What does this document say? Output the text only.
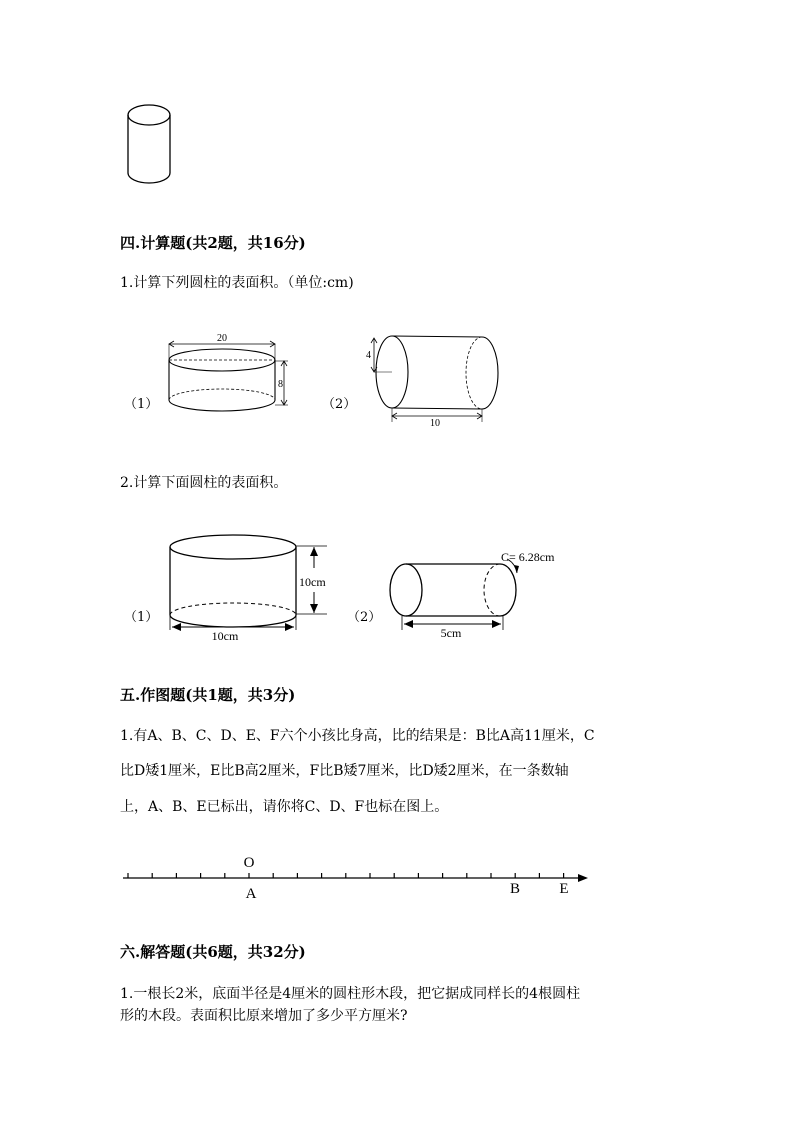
四.计算题(共2题，共16分)
1.计算下列圆柱的表面积。（单位:cm)
（1）
20
8
（2）
4
10
2.计算下面圆柱的表面积。
（1）
10cm
10cm
（2）
C= 6.28cm
5cm
五.作图题(共1题，共3分)
1.有A、B、C、D、E、F六个小孩比身高，比的结果是：B比A高11厘米，C
比D矮1厘米，E比B高2厘米，F比B矮7厘米，比D矮2厘米，在一条数轴
上，A、B、E已标出，请你将C、D、F也标在图上。
O
A	B	E
六.解答题(共6题，共32分)
1.一根长2米，底面半径是4厘米的圆柱形木段，把它据成同样长的4根圆柱
形的木段。表面积比原来增加了多少平方厘米?
